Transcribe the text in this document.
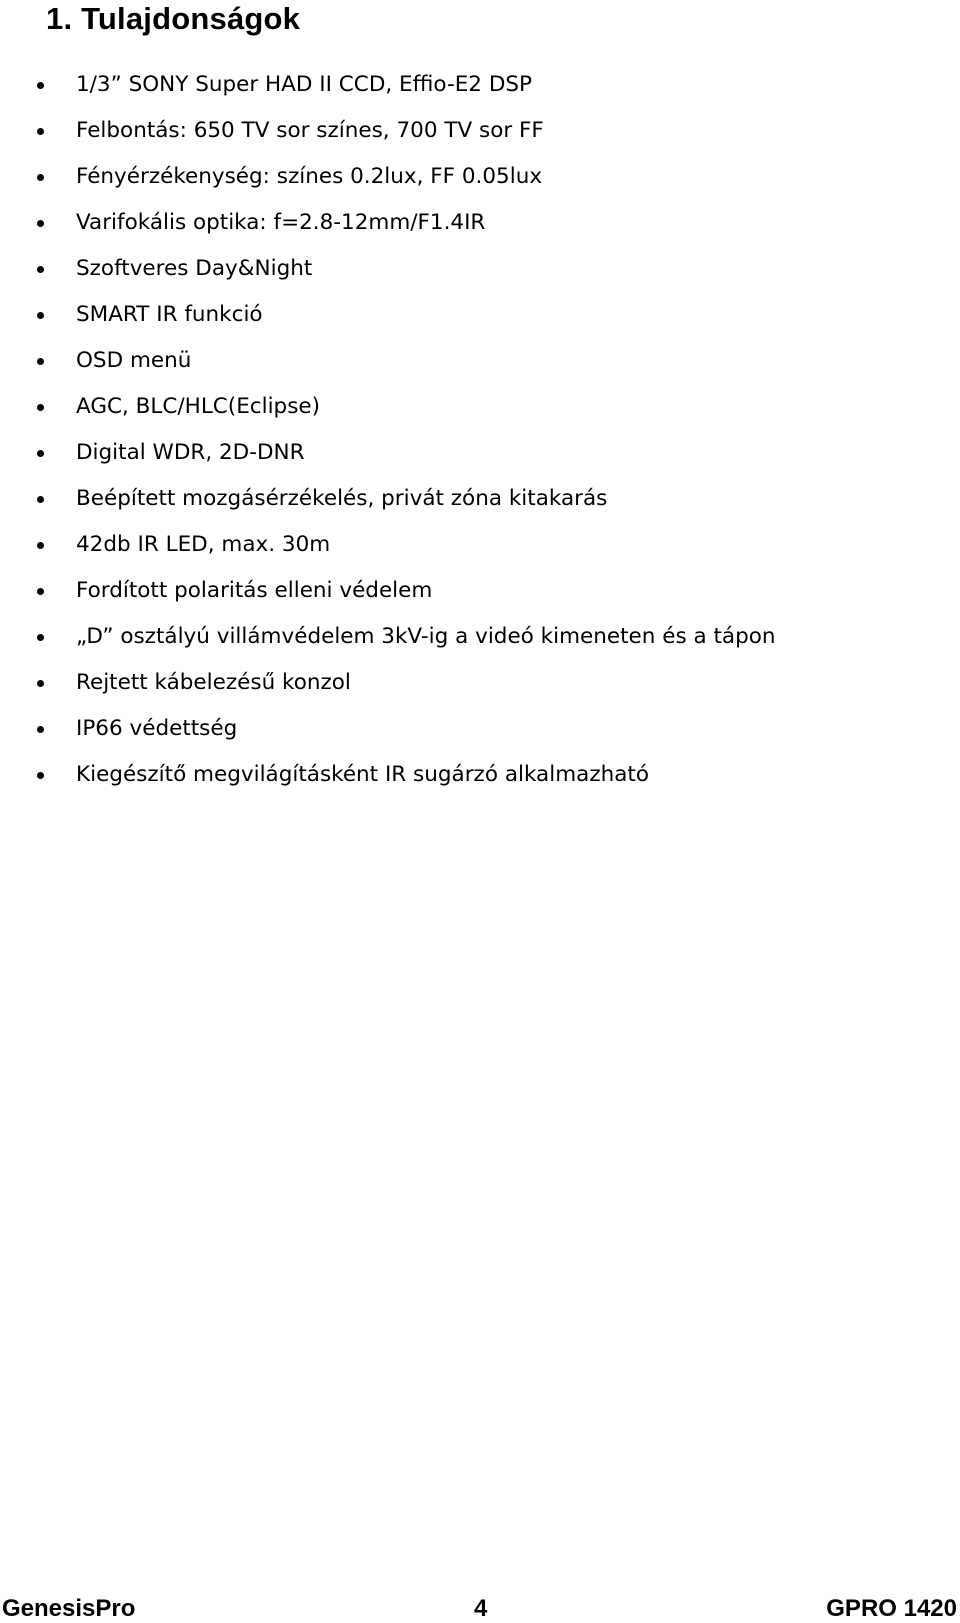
1. Tulajdonságok
1/3” SONY Super HAD II CCD, Effio-E2 DSP
Felbontás: 650 TV sor színes, 700 TV sor FF
Fényérzékenység: színes 0.2lux, FF 0.05lux
Varifokális optika: f=2.8-12mm/F1.4IR
Szoftveres Day&Night
SMART IR funkció
OSD menü
AGC, BLC/HLC(Eclipse)
Digital WDR, 2D-DNR
Beépített mozgásérzékelés, privát zóna kitakarás
42db IR LED, max. 30m
Fordított polaritás elleni védelem
„D” osztályú villámvédelem 3kV-ig a videó kimeneten és a tápon
Rejtett kábelezésű konzol
IP66 védettség
Kiegészítő megvilágításként IR sugárzó alkalmazható
GenesisPro	4	GPRO 1420
